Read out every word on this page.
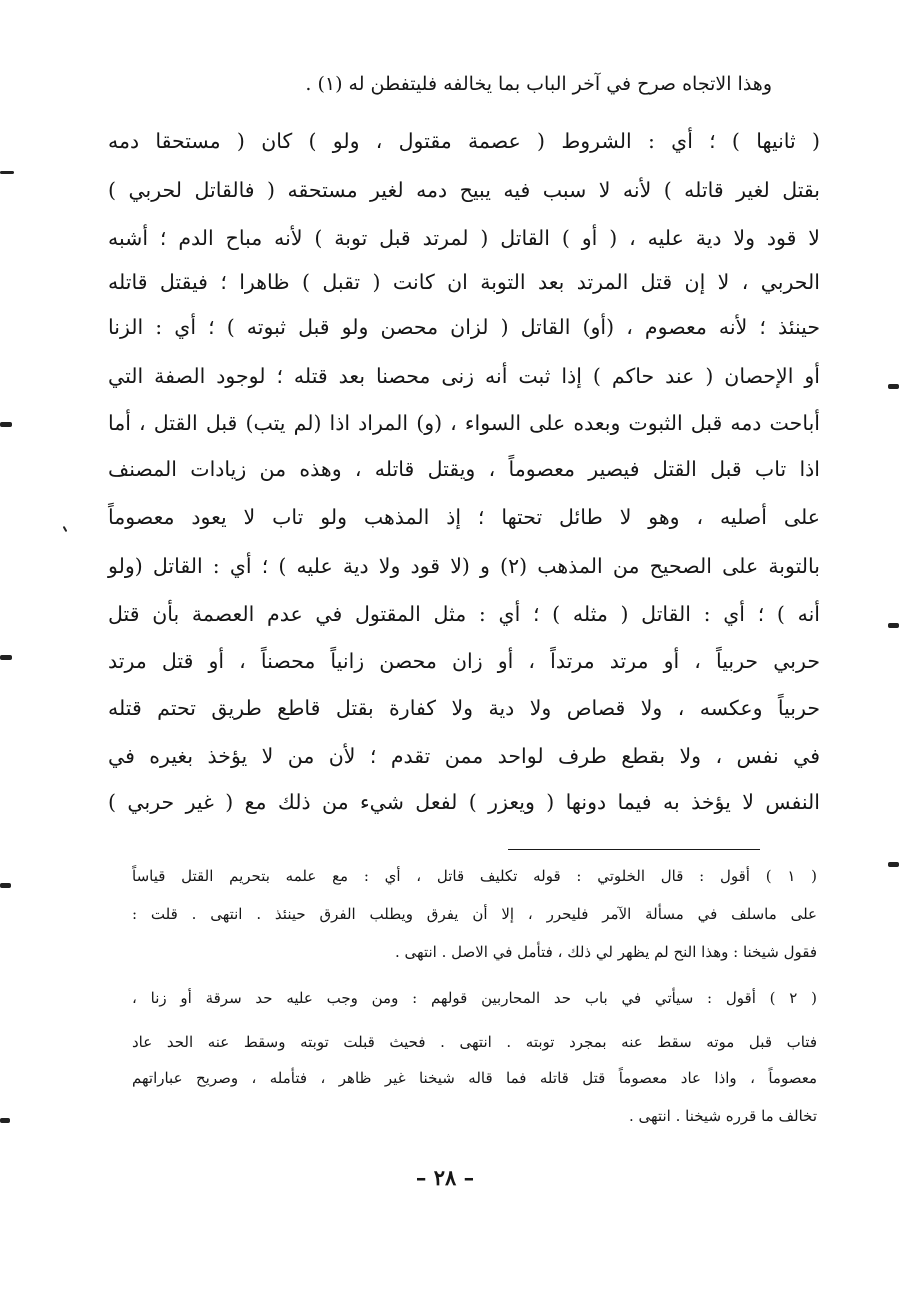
وهذا الاتجاه صرح في آخر الباب بما يخالفه فليتفطن له (١) .
( ثانيها ) ؛ أي : الشروط ( عصمة مقتول ، ولو ) كان ( مستحقا دمه
بقتل لغير قاتله ) لأنه لا سبب فيه يبيح دمه لغير مستحقه ( فالقاتل لحربي )
لا قود ولا دية عليه ، ( أو ) القاتل ( لمرتد قبل توبة ) لأنه مباح الدم ؛ أشبه
الحربي ، لا إن قتل المرتد بعد التوبة ان كانت ( تقبل ) ظاهرا ؛ فيقتل قاتله
حينئذ ؛ لأنه معصوم ، (أو) القاتل ( لزان محصن ولو قبل ثبوته ) ؛ أي : الزنا
أو الإحصان ( عند حاكم ) إذا ثبت أنه زنى محصنا بعد قتله ؛ لوجود الصفة التي
أباحت دمه قبل الثبوت وبعده على السواء ، (و) المراد اذا (لم يتب) قبل القتل ، أما
اذا تاب قبل القتل فيصير معصوماً ، ويقتل قاتله ، وهذه من زيادات المصنف
على أصليه ، وهو لا طائل تحتها ؛ إذ المذهب ولو تاب لا يعود معصوماً
بالتوبة على الصحيح من المذهب (٢) و (لا قود ولا دية عليه ) ؛ أي : القاتل (ولو
أنه ) ؛ أي : القاتل ( مثله ) ؛ أي : مثل المقتول في عدم العصمة بأن قتل
حربي حربياً ، أو مرتد مرتداً ، أو زان محصن زانياً محصناً ، أو قتل مرتد
حربياً وعكسه ، ولا قصاص ولا دية ولا كفارة بقتل قاطع طريق تحتم قتله
في نفس ، ولا بقطع طرف لواحد ممن تقدم ؛ لأن من لا يؤخذ بغيره في
النفس لا يؤخذ به فيما دونها ( ويعزر ) لفعل شيء من ذلك مع ( غير حربي )
( ١ ) أقول : قال الخلوتي : قوله تكليف قاتل ، أي : مع علمه بتحريم القتل قياساً
على ماسلف في مسألة الآمر فليحرر ، إلا أن يفرق ويطلب الفرق حينئذ . انتهى . قلت :
فقول شيخنا : وهذا النح لم يظهر لي ذلك ، فتأمل في الاصل . انتهى .
( ٢ ) أقول : سيأتي في باب حد المحاربين قولهم : ومن وجب عليه حد سرقة أو زنا ،
فتاب قبل موته سقط عنه بمجرد توبته . انتهى . فحيث قبلت توبته وسقط عنه الحد عاد
معصوماً ، واذا عاد معصوماً قتل قاتله فما قاله شيخنا غير ظاهر ، فتأمله ، وصريح عباراتهم
تخالف ما قرره شيخنا . انتهى .
– ٢٨ –
